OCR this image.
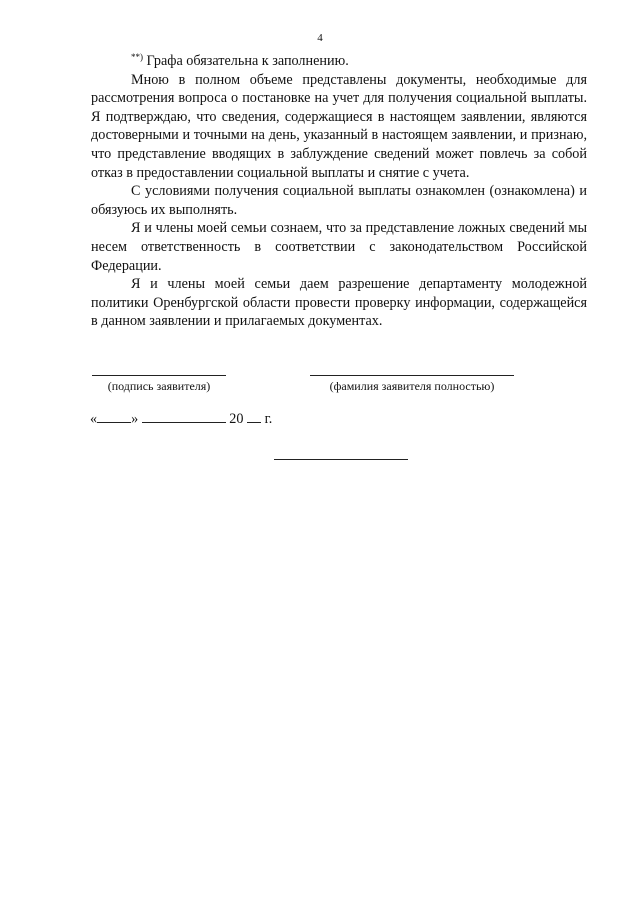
4

**) Графа обязательна к заполнению.

Мною в полном объеме представлены документы, необходимые для рассмотрения вопроса о постановке на учет для получения социальной выплаты. Я подтверждаю, что сведения, содержащиеся в настоящем заявлении, являются достоверными и точными на день, указанный в настоящем заявлении, и признаю, что представление вводящих в заблуждение сведений может повлечь за собой отказ в предоставлении социальной выплаты и снятие с учета.

С условиями получения социальной выплаты ознакомлен (ознакомлена) и обязуюсь их выполнять.

Я и члены моей семьи сознаем, что за представление ложных сведений мы несем ответственность в соответствии с законодательством Российской Федерации.

Я и члены моей семьи даем разрешение департаменту молодежной политики Оренбургской области провести проверку информации, содержащейся в данном заявлении и прилагаемых документах.

(подпись заявителя)	(фамилия заявителя полностью)
« »	20 г.
